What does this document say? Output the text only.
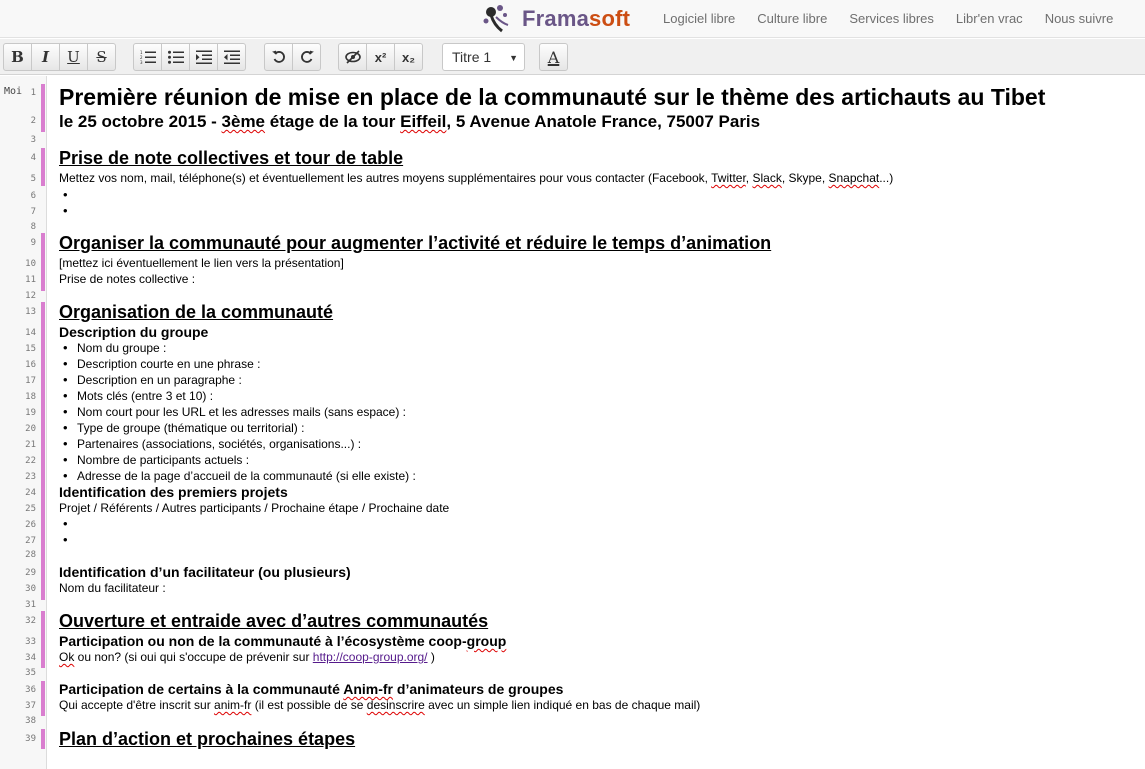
Framasoft	Logiciel libre	Culture libre	Services libres	Libr'en vrac	Nous suivre
B I U S	1
2
3	x² x₂	Titre 1 ▼ A
Moi 1 Première réunion de mise en place de la communauté sur le thème des artichauts au Tibet
2 le 25 octobre 2015 - 3ème étage de la tour Eiffeil, 5 Avenue Anatole France, 75007 Paris
3
4 Prise de note collectives et tour de table
5 Mettez vos nom, mail, téléphone(s) et éventuellement les autres moyens supplémentaires pour vous contacter (Facebook, Twitter, Slack, Skype, Snapchat...)
6
7
8
9 Organiser la communauté pour augmenter l’activité et réduire le temps d’animation
10 [mettez ici éventuellement le lien vers la présentation]
11 Prise de notes collective :
12
13 Organisation de la communauté
14 Description du groupe
15	• Nom du groupe :
16	• Description courte en une phrase :
17	• Description en un paragraphe :
18	• Mots clés (entre 3 et 10) :
19	• Nom court pour les URL et les adresses mails (sans espace) :
20	• Type de groupe (thématique ou territorial) :
21	• Partenaires (associations, sociétés, organisations...) :
22	• Nombre de participants actuels :
23	• Adresse de la page d’accueil de la communauté (si elle existe) :
24 Identification des premiers projets
25 Projet / Référents / Autres participants / Prochaine étape / Prochaine date
26
27
28
29 Identification d’un facilitateur (ou plusieurs)
30 Nom du facilitateur :
31
32 Ouverture et entraide avec d’autres communautés
33 Participation ou non de la communauté à l’écosystème coop-group
34 Ok ou non? (si oui qui s'occupe de prévenir sur http://coop-group.org/ )
35
36 Participation de certains à la communauté Anim-fr d’animateurs de groupes
37 Qui accepte d'être inscrit sur anim-fr (il est possible de se desinscrire avec un simple lien indiqué en bas de chaque mail)
38
39 Plan d’action et prochaines étapes
